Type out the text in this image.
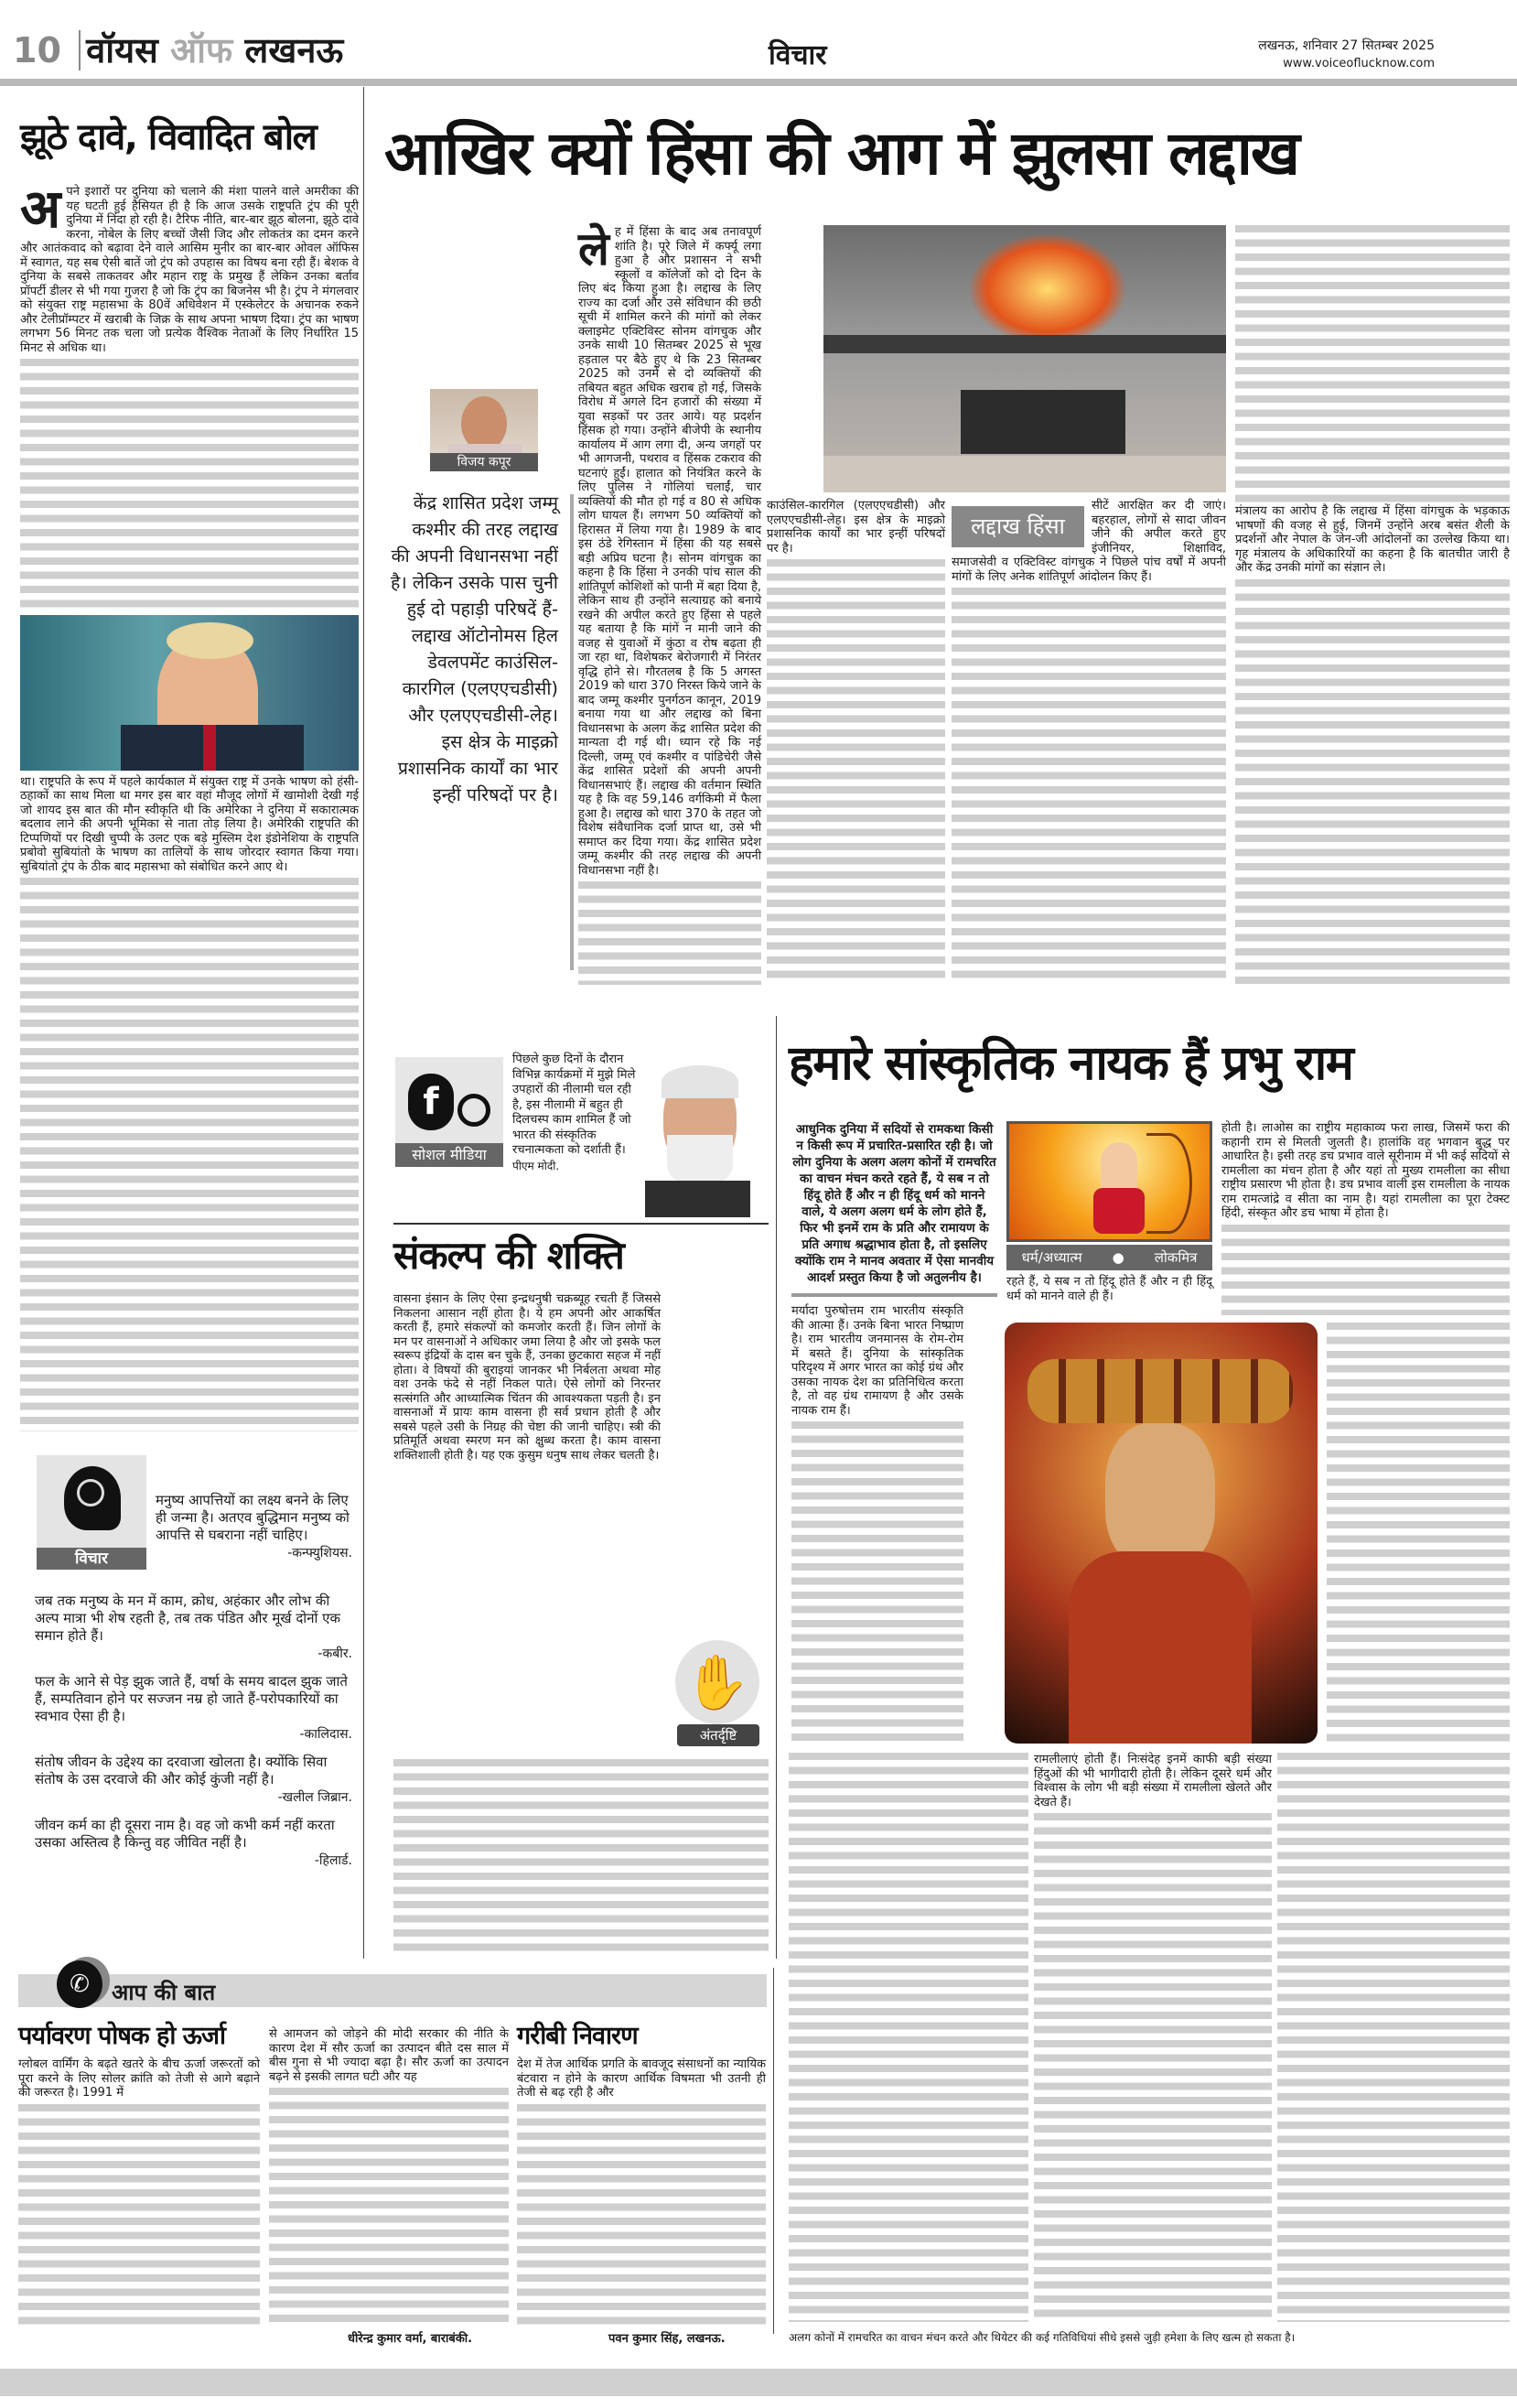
10 वॉयस ऑफ लखनऊ	विचार	लखनऊ, शनिवार 27 सितम्बर 2025
www.voiceoflucknow.com
झूठे दावे, विवादित बोल
अ पने इशारों पर दुनिया को चलाने की मंशा पालने वाले अमरीका की यह घटती हुई हैसियत ही है कि आज उसके राष्ट्रपति ट्रंप की पूरी दुनिया में निंदा हो रही है। टैरिफ नीति, बार-बार झूठ बोलना, झूठे दावे करना, नोबेल के लिए बच्चों जैसी जिद और लोकतंत्र का दमन करने और आतंकवाद को बढ़ावा देने वाले आसिम मुनीर का बार-बार ओवल ऑफिस में स्वागत, यह सब ऐसी बातें जो ट्रंप को उपहास का विषय बना रही हैं। बेशक वे दुनिया के सबसे ताकतवर और महान राष्ट्र के प्रमुख हैं लेकिन उनका बर्ताव प्रॉपर्टी डीलर से भी गया गुजरा है जो कि ट्रंप का बिजनेस भी है। ट्रंप ने मंगलवार को संयुक्त राष्ट्र महासभा के 80वें अधिवेशन में एस्केलेटर के अचानक रुकने और टेलीप्रॉम्पटर में खराबी के जिक्र के साथ अपना भाषण दिया। ट्रंप का भाषण लगभग 56 मिनट तक चला जो प्रत्येक वैश्विक नेताओं के लिए निर्धारित 15 मिनट से अधिक था।

था। राष्ट्रपति के रूप में पहले कार्यकाल में संयुक्त राष्ट्र में उनके भाषण को हंसी-ठहाकों का साथ मिला था मगर इस बार वहां मौजूद लोगों में खामोशी देखी गई जो शायद इस बात की मौन स्वीकृति थी कि अमेरिका ने दुनिया में सकारात्मक बदलाव लाने की अपनी भूमिका से नाता तोड़ लिया है। अमेरिकी राष्ट्रपति की टिप्पणियों पर दिखी चुप्पी के उलट एक बड़े मुस्लिम देश इंडोनेशिया के राष्ट्रपति प्रबोवो सुबियांतो के भाषण का तालियों के साथ जोरदार स्वागत किया गया। सुबियांतो ट्रंप के ठीक बाद महासभा को संबोधित करने आए थे।

विचार

मनुष्य आपत्तियों का लक्ष्य बनने के लिए ही जन्मा है। अतएव बुद्धिमान मनुष्य को आपत्ति से घबराना नहीं चाहिए।

-कन्फ्युशियस.

जब तक मनुष्य के मन में काम, क्रोध, अहंकार और लोभ की अल्प मात्रा भी शेष रहती है, तब तक पंडित और मूर्ख दोनों एक समान होते हैं।

-कबीर.

फल के आने से पेड़ झुक जाते हैं, वर्षा के समय बादल झुक जाते हैं, सम्पतिवान होने पर सज्जन नम्र हो जाते हैं-परोपकारियों का स्वभाव ऐसा ही है।

-कालिदास.

संतोष जीवन के उद्देश्य का दरवाजा खोलता है। क्योंकि सिवा संतोष के उस दरवाजे की और कोई कुंजी नहीं है।

-खलील जिब्रान.

जीवन कर्म का ही दूसरा नाम है। वह जो कभी कर्म नहीं करता उसका अस्तित्व है किन्तु वह जीवित नहीं है।

-हिलार्ड.
आखिर क्यों हिंसा की आग में झुलसा लद्दाख
विजय कपूर
केंद्र शासित प्रदेश जम्मू कश्मीर की तरह लद्दाख की अपनी विधानसभा नहीं है। लेकिन उसके पास चुनी हुई दो पहाड़ी परिषदें हैं- लद्दाख ऑटोनोमस हिल डेवलपमेंट काउंसिल-कारगिल (एलएएचडीसी) और एलएएचडीसी-लेह। इस क्षेत्र के माइक्रो प्रशासनिक कार्यों का भार इन्हीं परिषदों पर है।
ले ह में हिंसा के बाद अब तनावपूर्ण शांति है। पूरे जिले में कर्फ्यू लगा हुआ है और प्रशासन ने सभी स्कूलों व कॉलेजों को दो दिन के लिए बंद किया हुआ है। लद्दाख के लिए राज्य का दर्जा और उसे संविधान की छठी सूची में शामिल करने की मांगों को लेकर क्लाइमेट एक्टिविस्ट सोनम वांगचुक और उनके साथी 10 सितम्बर 2025 से भूख हड़ताल पर बैठे हुए थे कि 23 सितम्बर 2025 को उनमें से दो व्यक्तियों की तबियत बहुत अधिक खराब हो गई, जिसके विरोध में अगले दिन हजारों की संख्या में युवा सड़कों पर उतर आये। यह प्रदर्शन हिंसक हो गया। उन्होंने बीजेपी के स्थानीय कार्यालय में आग लगा दी, अन्य जगहों पर भी आगजनी, पथराव व हिंसक टकराव की घटनाएं हुईं। हालात को नियंत्रित करने के लिए पुलिस ने गोलियां चलाईं, चार व्यक्तियों की मौत हो गई व 80 से अधिक लोग घायल हैं। लगभग 50 व्यक्तियों को हिरासत में लिया गया है। 1989 के बाद इस ठंडे रेगिस्तान में हिंसा की यह सबसे बड़ी अप्रिय घटना है। सोनम वांगचुक का कहना है कि हिंसा ने उनकी पांच साल की शांतिपूर्ण कोशिशों को पानी में बहा दिया है, लेकिन साथ ही उन्होंने सत्याग्रह को बनाये रखने की अपील करते हुए हिंसा से पहले यह बताया है कि मांगें न मानी जाने की वजह से युवाओं में कुंठा व रोष बढ़ता ही जा रहा था, विशेषकर बेरोजगारी में निरंतर वृद्धि होने से। गौरतलब है कि 5 अगस्त 2019 को धारा 370 निरस्त किये जाने के बाद जम्मू कश्मीर पुनर्गठन कानून, 2019 बनाया गया था और लद्दाख को बिना विधानसभा के अलग केंद्र शासित प्रदेश की मान्यता दी गई थी। ध्यान रहे कि नई दिल्ली, जम्मू एवं कश्मीर व पांडिचेरी जैसे केंद्र शासित प्रदेशों की अपनी अपनी विधानसभाएं हैं। लद्दाख की वर्तमान स्थिति यह है कि वह 59,146 वर्गकिमी में फैला हुआ है। लद्दाख को धारा 370 के तहत जो विशेष संवैधानिक दर्जा प्राप्त था, उसे भी समाप्त कर दिया गया। केंद्र शासित प्रदेश जम्मू कश्मीर की तरह लद्दाख की अपनी विधानसभा नहीं है।

काउंसिल-कारगिल (एलएएचडीसी) और एलएएचडीसी-लेह। इस क्षेत्र के माइक्रो प्रशासनिक कार्यों का भार इन्हीं परिषदों पर है।

लद्दाख हिंसा

सीटें आरक्षित कर दी जाएं। बहरहाल, लोगों से सादा जीवन जीने की अपील करते हुए इंजीनियर, शिक्षाविद, समाजसेवी व एक्टिविस्ट वांगचुक ने पिछले पांच वर्षों में अपनी मांगों के लिए अनेक शांतिपूर्ण आंदोलन किए हैं।

मंत्रालय का आरोप है कि लद्दाख में हिंसा वांगचुक के भड़काऊ भाषणों की वजह से हुई, जिनमें उन्होंने अरब बसंत शैली के प्रदर्शनों और नेपाल के जेन-जी आंदोलनों का उल्लेख किया था। गृह मंत्रालय के अधिकारियों का कहना है कि बातचीत जारी है और केंद्र उनकी मांगों का संज्ञान ले।

f
सोशल मीडिया
पिछले कुछ दिनों के दौरान विभिन्न कार्यक्रमों में मुझे मिले उपहारों की नीलामी चल रही है, इस नीलामी में बहुत ही दिलचस्प काम शामिल हैं जो भारत की संस्कृतिक रचनात्मकता को दर्शाती हैं। पीएम मोदी.
संकल्प की शक्ति
✋
अंतर्दृष्टि

वासना इंसान के लिए ऐसा इन्द्रधनुषी चक्रब्यूह रचती हैं जिससे निकलना आसान नहीं होता है। ये हम अपनी ओर आकर्षित करती हैं, हमारे संकल्पों को कमजोर करती हैं। जिन लोगों के मन पर वासनाओं ने अधिकार जमा लिया है और जो इसके फल स्वरूप इंद्रियों के दास बन चुके हैं, उनका छुटकारा सहज में नहीं होता। वे विषयों की बुराइयां जानकर भी निर्बलता अथवा मोह वश उनके फंदे से नहीं निकल पाते। ऐसे लोगों को निरन्तर सत्संगति और आध्यात्मिक चिंतन की आवश्यकता पड़ती है। इन वासनाओं में प्रायः काम वासना ही सर्व प्रधान होती है और सबसे पहले उसी के निग्रह की चेष्टा की जानी चाहिए। स्त्री की प्रतिमूर्ति अथवा स्मरण मन को क्षुब्ध करता है। काम वासना शक्तिशाली होती है। यह एक कुसुम धनुष साथ लेकर चलती है।

हमारे सांस्कृतिक नायक हैं प्रभु राम
आधुनिक दुनिया में सदियों से रामकथा किसी न किसी रूप में प्रचारित-प्रसारित रही है। जो लोग दुनिया के अलग अलग कोनों में रामचरित का वाचन मंचन करते रहते हैं, ये सब न तो हिंदू होते हैं और न ही हिंदू धर्म को मानने वाले, ये अलग अलग धर्म के लोग होते हैं, फिर भी इनमें राम के प्रति और रामायण के प्रति अगाध श्रद्धाभाव होता है, तो इसलिए क्योंकि राम ने मानव अवतार में ऐसा मानवीय आदर्श प्रस्तुत किया है जो अतुलनीय है।

मर्यादा पुरुषोत्तम राम भारतीय संस्कृति की आत्मा हैं। उनके बिना भारत निष्प्राण है। राम भारतीय जनमानस के रोम-रोम में बसते हैं। दुनिया के सांस्कृतिक परिदृश्य में अगर भारत का कोई ग्रंथ और उसका नायक देश का प्रतिनिधित्व करता है, तो वह ग्रंथ रामायण है और उसके नायक राम हैं।

धर्म/अध्यात्म ● लोकमित्र

रहते हैं, ये सब न तो हिंदू होते हैं और न ही हिंदू धर्म को मानने वाले ही हैं।

होती है। लाओस का राष्ट्रीय महाकाव्य फरा लाख, जिसमें फरा की कहानी राम से मिलती जुलती है। हालांकि वह भगवान बुद्ध पर आधारित है। इसी तरह डच प्रभाव वाले सूरीनाम में भी कई सदियों से रामलीला का मंचन होता है और यहां तो मुख्य रामलीला का सीधा राष्ट्रीय प्रसारण भी होता है। डच प्रभाव वाली इस रामलीला के नायक राम रामत्जांद्रे व सीता का नाम है। यहां रामलीला का पूरा टेक्स्ट हिंदी, संस्कृत और डच भाषा में होता है।

रामलीलाएं होती हैं। निःसंदेह इनमें काफी बड़ी संख्या हिंदुओं की भी भागीदारी होती है। लेकिन दूसरे धर्म और विश्वास के लोग भी बड़ी संख्या में रामलीला खेलते और देखते हैं।

अलग कोनों में रामचरित का वाचन मंचन करते और थियेटर की कई गतिविधियां सीधे इससे जुड़ी हमेशा के लिए खत्म हो सकता है।
✆	आप की बात
पर्यावरण पोषक हो ऊर्जा

ग्लोबल वार्मिंग के बढ़ते खतरे के बीच ऊर्जा जरूरतों को पूरा करने के लिए सोलर क्रांति को तेजी से आगे बढ़ाने की जरूरत है। 1991 में

से आमजन को जोड़ने की मोदी सरकार की नीति के कारण देश में सौर ऊर्जा का उत्पादन बीते दस साल में बीस गुना से भी ज्यादा बढ़ा है। सौर ऊर्जा का उत्पादन बढ़ने से इसकी लागत घटी और यह

धीरेन्द्र कुमार वर्मा, बाराबंकी.
गरीबी निवारण

देश में तेज आर्थिक प्रगति के बावजूद संसाधनों का न्यायिक बंटवारा न होने के कारण आर्थिक विषमता भी उतनी ही तेजी से बढ़ रही है और

पवन कुमार सिंह, लखनऊ.
